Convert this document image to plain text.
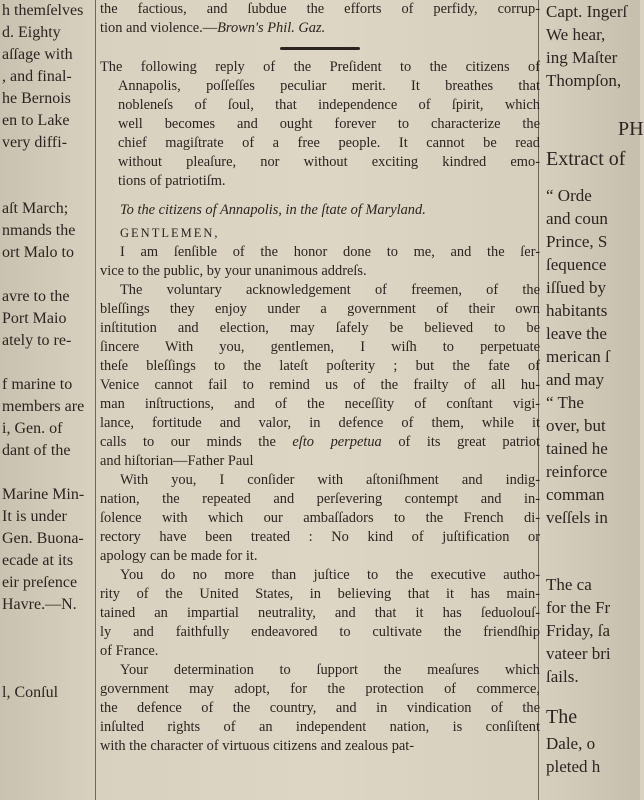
h themſelves
d. Eighty
aſſage with
, and final-
he Bernois
en to Lake
very diffi-
aſt March;
nmands the
ort Malo to
avre to the
Port Maio
ately to re-
f marine to
members are
i, Gen. of
dant of the
Marine Min-
It is under
Gen. Buona-
ecade at its
eir preſence
Havre.—N.
l, Conſul
the factious, and ſubdue the efforts of perfidy, corrup-
tion and violence.—Brown's Phil. Gaz.
The following reply of the Preſident to the citizens of
Annapolis, poſſeſſes peculiar merit. It breathes that
nobleneſs of ſoul, that independence of ſpirit, which
well becomes and ought forever to characterize the
chief magiſtrate of a free people. It cannot be read
without pleaſure, nor without exciting kindred emo-
tions of patriotiſm.
To the citizens of Annapolis, in the ſtate of Maryland.
GENTLEMEN,
I am ſenſible of the honor done to me, and the ſer-
vice to the public, by your unanimous addreſs.
The voluntary acknowledgement of freemen, of the
bleſſings they enjoy under a government of their own
inſtitution and election, may ſafely be believed to be
ſincere With you, gentlemen, I wiſh to perpetuate
theſe bleſſings to the lateſt poſterity ; but the fate of
Venice cannot fail to remind us of the frailty of all hu-
man inſtructions, and of the neceſſity of conſtant vigi-
lance, fortitude and valor, in defence of them, while it
calls to our minds the eſto perpetua of its great patriot
and hiſtorian—Father Paul
With you, I conſider with aſtoniſhment and indig-
nation, the repeated and perſevering contempt and in-
ſolence with which our ambaſſadors to the French di-
rectory have been treated : No kind of juſtification or
apology can be made for it.
You do no more than juſtice to the executive autho-
rity of the United States, in believing that it has main-
tained an impartial neutrality, and that it has ſeduolouſ-
ly and faithfully endeavored to cultivate the friendſhip
of France.
Your determination to ſupport the meaſures which
government may adopt, for the protection of commerce,
the defence of the country, and in vindication of the
inſulted rights of an independent nation, is conſiſtent
with the character of virtuous citizens and zealous pat-
Capt. Ingerſ
We hear,
ing Maſter
Thompſon,
PH
Extract of
“ Orde
and coun
Prince, S
ſequence
iſſued by
habitants
leave the
merican ſ
and may
“ The
over, but
tained he
reinforce
comman
veſſels in
The ca
for the Fr
Friday, ſa
vateer bri
ſails.
The
Dale, o
pleted h
